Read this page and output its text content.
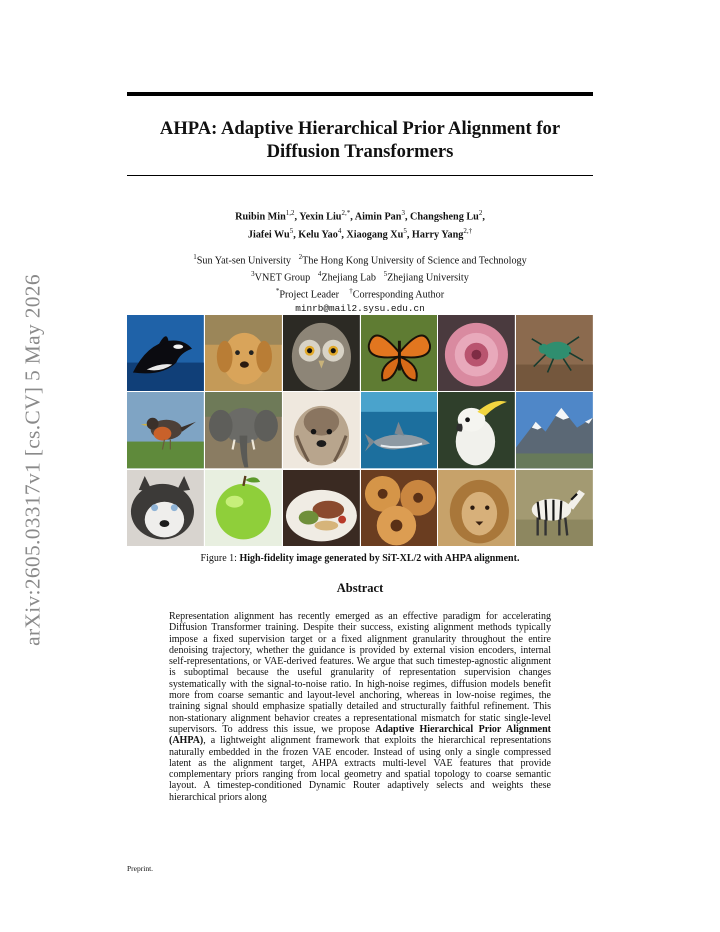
arXiv:2605.03317v1 [cs.CV] 5 May 2026
AHPA: Adaptive Hierarchical Prior Alignment for Diffusion Transformers
Ruibin Min$^{1,2}$, Yexin Liu$^{2,*}$, Aimin Pan$^3$, Changsheng Lu$^2$,
Jiafei Wu$^5$, Kelu Yao$^4$, Xiaogang Xu$^5$, Harry Yang$^{2,\dagger}$
$^1$Sun Yat-sen University $^2$The Hong Kong University of Science and Technology
$^3$VNET Group $^4$Zhejiang Lab $^5$Zhejiang University
*Project Leader †Corresponding Author
minrb@mail2.sysu.edu.cn
Figure 1: High-fidelity image generated by SiT-XL/2 with AHPA alignment.
Abstract
Representation alignment has recently emerged as an effective paradigm for accelerating Diffusion Transformer training. Despite their success, existing alignment methods typically impose a fixed supervision target or a fixed alignment granularity throughout the entire denoising trajectory, whether the guidance is provided by external vision encoders, internal self-representations, or VAE-derived features. We argue that such timestep-agnostic alignment is suboptimal because the useful granularity of representation supervision changes systematically with the signal-to-noise ratio. In high-noise regimes, diffusion models benefit more from coarse semantic and layout-level anchoring, whereas in low-noise regimes, the training signal should emphasize spatially detailed and structurally faithful refinement. This non-stationary alignment behavior creates a representational mismatch for static single-level supervisors. To address this issue, we propose Adaptive Hierarchical Prior Alignment (AHPA), a lightweight alignment framework that exploits the hierarchical representations naturally embedded in the frozen VAE encoder. Instead of using only a single compressed latent as the alignment target, AHPA extracts multi-level VAE features that provide complementary priors ranging from local geometry and spatial topology to coarse semantic layout. A timestep-conditioned Dynamic Router adaptively selects and weights these hierarchical priors along
Preprint.
